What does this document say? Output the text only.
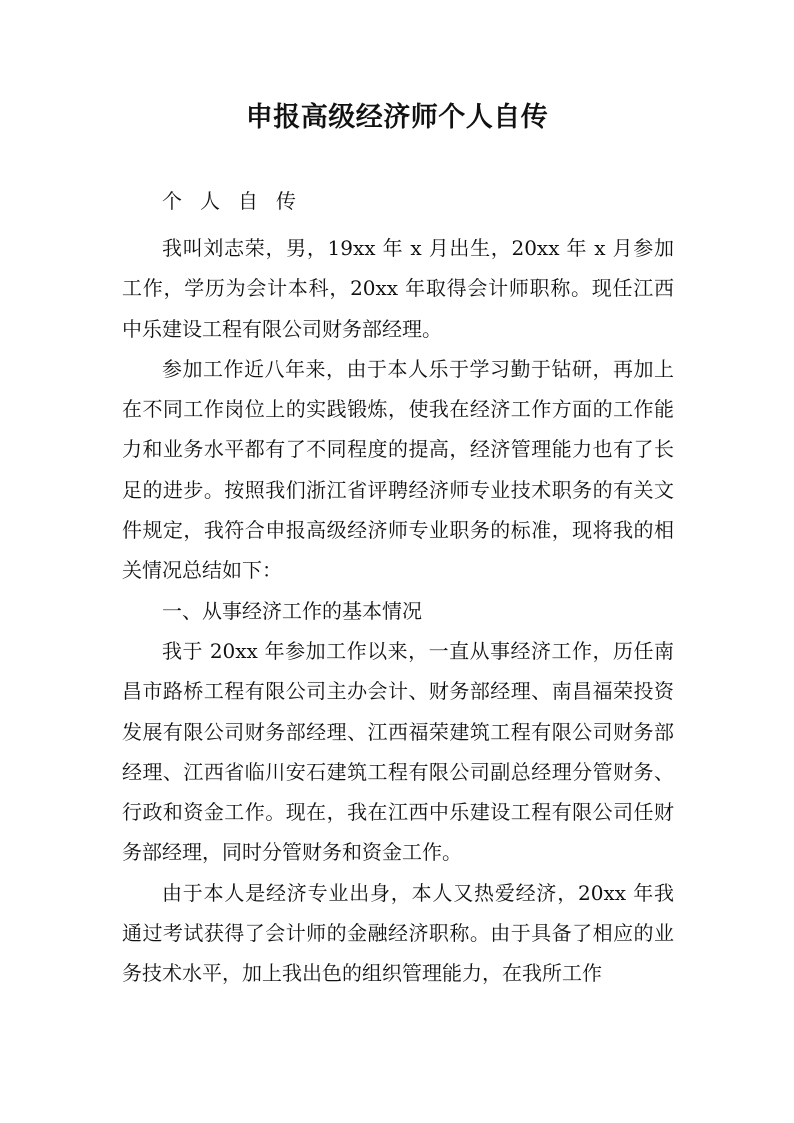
申报高级经济师个人自传
个人自传

我叫刘志荣，男，19xx 年 x 月出生，20xx 年 x 月参加工作，学历为会计本科，20xx 年取得会计师职称。现任江西中乐建设工程有限公司财务部经理。

参加工作近八年来，由于本人乐于学习勤于钻研，再加上在不同工作岗位上的实践锻炼，使我在经济工作方面的工作能力和业务水平都有了不同程度的提高，经济管理能力也有了长足的进步。按照我们浙江省评聘经济师专业技术职务的有关文件规定，我符合申报高级经济师专业职务的标准，现将我的相关情况总结如下：

一、从事经济工作的基本情况

我于 20xx 年参加工作以来，一直从事经济工作，历任南昌市路桥工程有限公司主办会计、财务部经理、南昌福荣投资发展有限公司财务部经理、江西福荣建筑工程有限公司财务部经理、江西省临川安石建筑工程有限公司副总经理分管财务、行政和资金工作。现在，我在江西中乐建设工程有限公司任财务部经理，同时分管财务和资金工作。

由于本人是经济专业出身，本人又热爱经济，20xx 年我通过考试获得了会计师的金融经济职称。由于具备了相应的业务技术水平，加上我出色的组织管理能力，在我所工作
